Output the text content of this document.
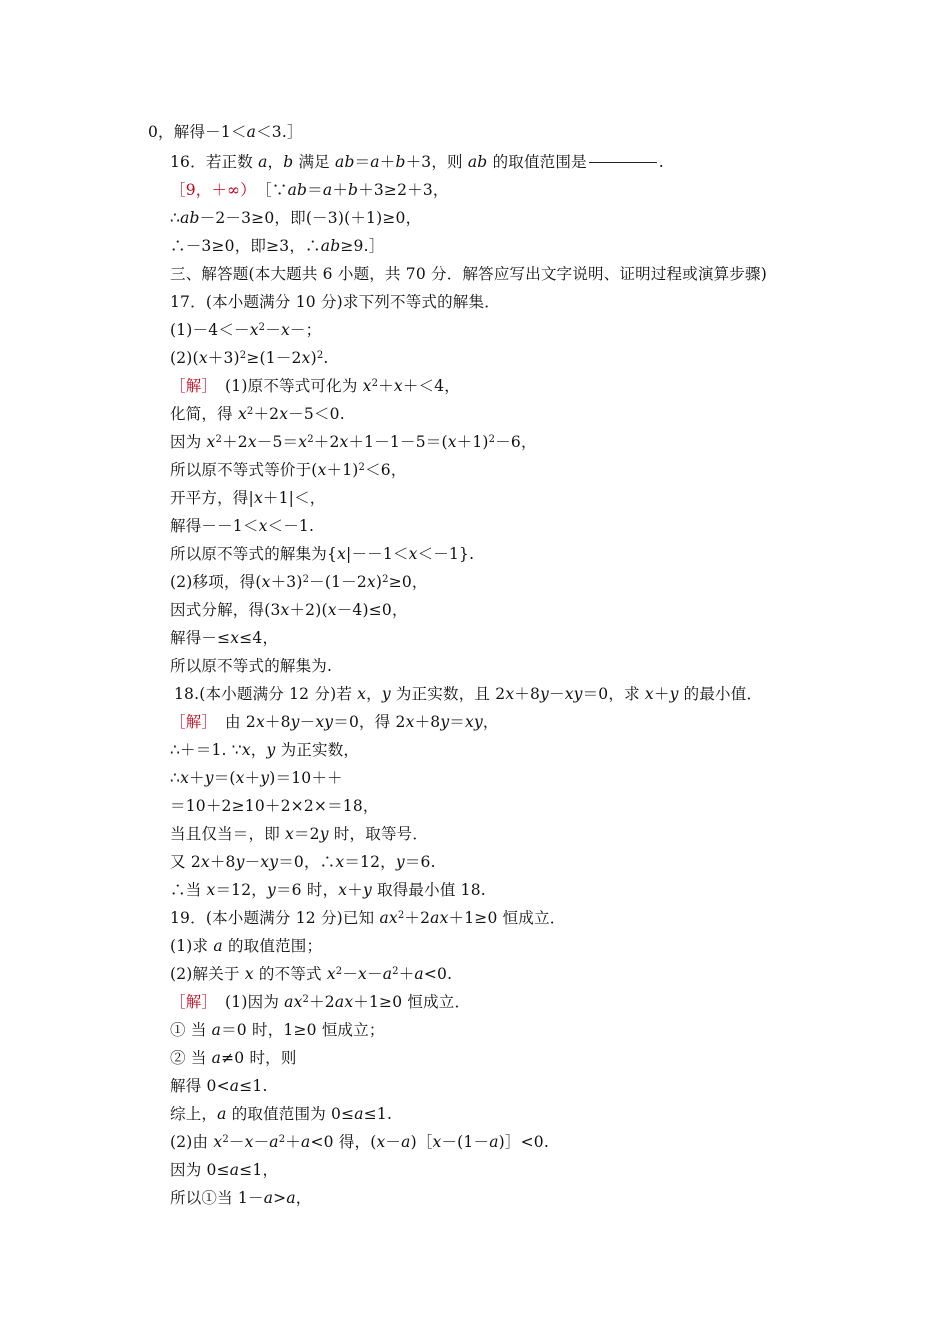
0，解得－1＜a＜3.］
16．若正数 a，b 满足 ab＝a＋b＋3，则 ab 的取值范围是	.
［9，＋∞）　［∵ab＝a＋b＋3≥2＋3，
∴ab－2－3≥0，即(－3)(＋1)≥0，
∴－3≥0，即≥3，∴ab≥9.］
三、解答题(本大题共 6 小题，共 70 分．解答应写出文字说明、证明过程或演算步骤)
17．(本小题满分 10 分)求下列不等式的解集．
$(1)-4<-x^2-x-$；
$(2)(x+3)^2\ge(1-2x)^2$.
［解］　(1)原不等式可化为 $x^2+x+<4$，
化简，得 $x^2+2x-5<0$.
因为 $x^2+2x-5=x^2+2x+1-1-5=(x+1)^2-6$，
所以原不等式等价于$(x+1)^2<6$，
开平方，得|x＋1|＜，
解得－－1＜x＜－1.
所以原不等式的解集为{x|－－1＜x＜－1}.
(2)移项，得$(x+3)^2-(1-2x)^2\ge 0$，
因式分解，得(3x＋2)(x－4)≤0，
解得－≤x≤4，
所以原不等式的解集为.
18.(本小题满分 12 分)若 x，y 为正实数，且 2x＋8y－xy＝0，求 x＋y 的最小值．
［解］　由 2x＋8y－xy＝0，得 2x＋8y＝xy，
∴＋＝1. ∵x，y 为正实数，
∴x＋y＝(x＋y)＝10＋＋
＝10＋2≥10＋2×2×＝18，
当且仅当＝，即 x＝2y 时，取等号．
又 2x＋8y－xy＝0，∴x＝12，y＝6.
∴当 x＝12，y＝6 时，x＋y 取得最小值 18.
19．(本小题满分 12 分)已知 $ax^2+2ax+1\ge 0$ 恒成立．
(1)求 a 的取值范围；
(2)解关于 x 的不等式 $x^2-x-a^2+a<0$.
［解］　(1)因为 $ax^2+2ax+1\ge 0$ 恒成立．
① 当 a＝0 时，1≥0 恒成立；
② 当 a≠0 时，则
解得 0<a≤1.
综上，a 的取值范围为 0≤a≤1.
(2)由 $x^2-x-a^2+a<0$ 得，(x－a)［x－(1－a)］<0.
因为 0≤a≤1，
所以①当 1－a>a，
